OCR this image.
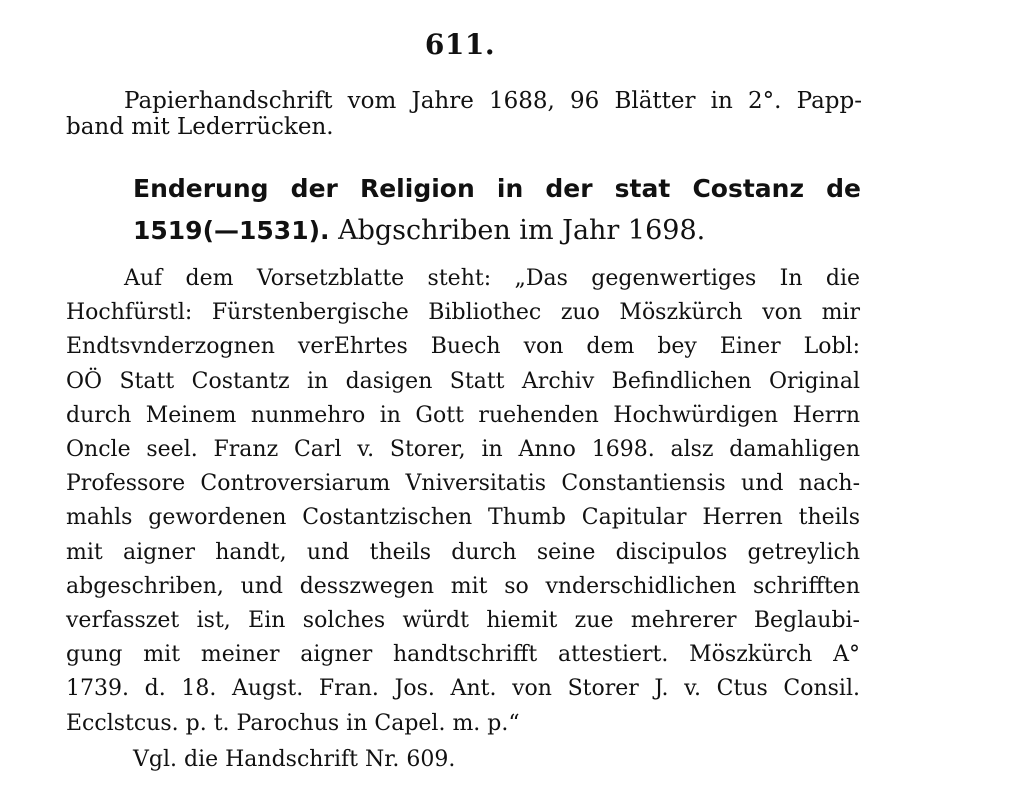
611.
Papierhandschrift vom Jahre 1688, 96 Blätter in 2°. Papp-
band mit Lederrücken.
Enderung der Religion in der stat Costanz de
1519(—1531). Abgschriben im Jahr 1698.
Auf dem Vorsetzblatte steht: „Das gegenwertiges In die
Hochfürstl: Fürstenbergische Bibliothec zuo Möszkürch von mir
Endtsvnderzognen verEhrtes Buech von dem bey Einer Lobl:
OÖ Statt Costantz in dasigen Statt Archiv Befindlichen Original
durch Meinem nunmehro in Gott ruehenden Hochwürdigen Herrn
Oncle seel. Franz Carl v. Storer, in Anno 1698. alsz damahligen
Professore Controversiarum Vniversitatis Constantiensis und nach-
mahls gewordenen Costantzischen Thumb Capitular Herren theils
mit aigner handt, und theils durch seine discipulos getreylich
abgeschriben, und desszwegen mit so vnderschidlichen schrifften
verfasszet ist, Ein solches würdt hiemit zue mehrerer Beglaubi-
gung mit meiner aigner handtschrifft attestiert. Möszkürch A°
1739. d. 18. Augst. Fran. Jos. Ant. von Storer J. v. Ctus Consil.
Ecclstcus. p. t. Parochus in Capel. m. p.“
Vgl. die Handschrift Nr. 609.
